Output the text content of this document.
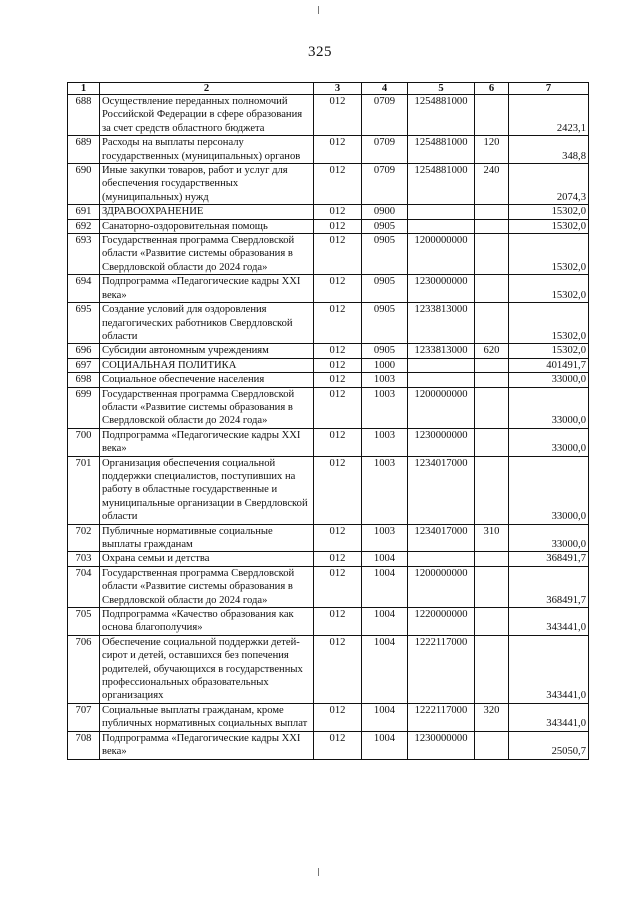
325
1	2	3	4	5	6	7
688	Осуществление переданных полномочий Российской Федерации в сфере образования за счет средств областного бюджета	012	0709	1254881000		2423,1
689	Расходы на выплаты персоналу государственных (муниципальных) органов	012	0709	1254881000	120	348,8
690	Иные закупки товаров, работ и услуг для обеспечения государственных (муниципальных) нужд	012	0709	1254881000	240	2074,3
691	ЗДРАВООХРАНЕНИЕ	012	0900			15302,0
692	Санаторно-оздоровительная помощь	012	0905			15302,0
693	Государственная программа Свердловской области «Развитие системы образования в Свердловской области до 2024 года»	012	0905	1200000000		15302,0
694	Подпрограмма «Педагогические кадры XXI века»	012	0905	1230000000		15302,0
695	Создание условий для оздоровления педагогических работников Свердловской области	012	0905	1233813000		15302,0
696	Субсидии автономным учреждениям	012	0905	1233813000	620	15302,0
697	СОЦИАЛЬНАЯ ПОЛИТИКА	012	1000			401491,7
698	Социальное обеспечение населения	012	1003			33000,0
699	Государственная программа Свердловской области «Развитие системы образования в Свердловской области до 2024 года»	012	1003	1200000000		33000,0
700	Подпрограмма «Педагогические кадры XXI века»	012	1003	1230000000		33000,0
701	Организация обеспечения социальной поддержки специалистов, поступивших на работу в областные государственные и муниципальные организации в Свердловской области	012	1003	1234017000		33000,0
702	Публичные нормативные социальные выплаты гражданам	012	1003	1234017000	310	33000,0
703	Охрана семьи и детства	012	1004			368491,7
704	Государственная программа Свердловской области «Развитие системы образования в Свердловской области до 2024 года»	012	1004	1200000000		368491,7
705	Подпрограмма «Качество образования как основа благополучия»	012	1004	1220000000		343441,0
706	Обеспечение социальной поддержки детей-сирот и детей, оставшихся без попечения родителей, обучающихся в государственных профессиональных образовательных организациях	012	1004	1222117000		343441,0
707	Социальные выплаты гражданам, кроме публичных нормативных социальных выплат	012	1004	1222117000	320	343441,0
708	Подпрограмма «Педагогические кадры XXI века»	012	1004	1230000000		25050,7
